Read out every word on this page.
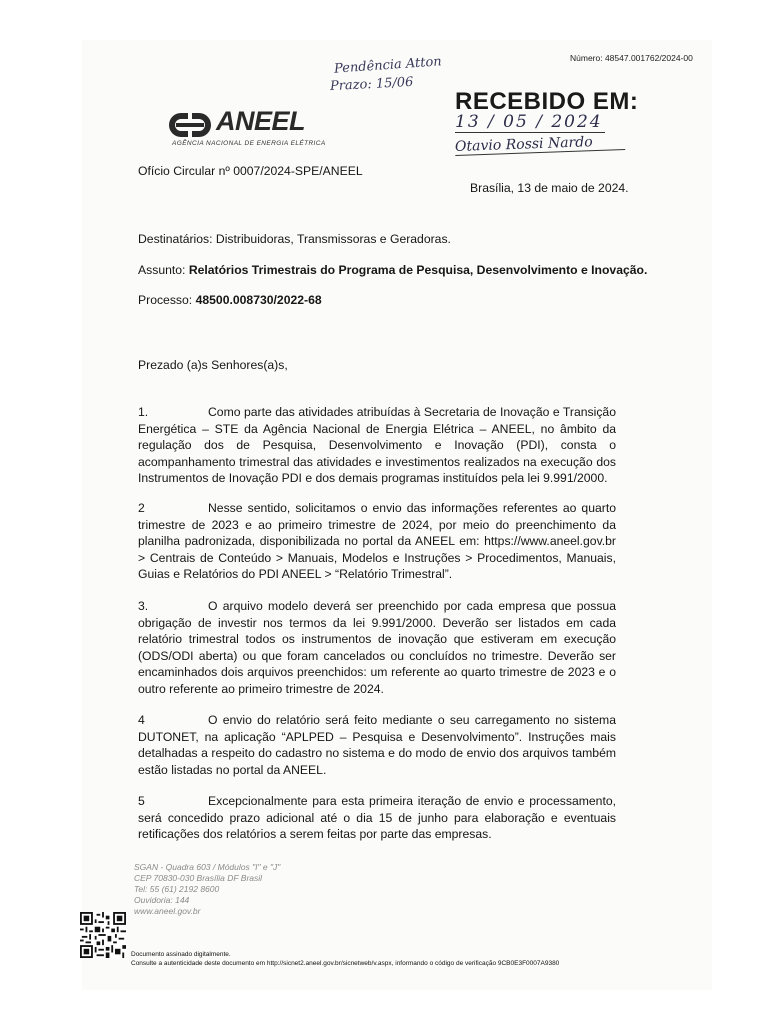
Número: 48547.001762/2024-00
Pendência Atton
Prazo: 15/06
RECEBIDO EM:
13 / 05 / 2024
Otavio Rossi Nardo
ANEEL
AGÊNCIA NACIONAL DE ENERGIA ELÉTRICA
Ofício Circular nº 0007/2024-SPE/ANEEL
Brasília, 13 de maio de 2024.
Destinatários: Distribuidoras, Transmissoras e Geradoras.
Assunto: Relatórios Trimestrais do Programa de Pesquisa, Desenvolvimento e Inovação.
Processo: 48500.008730/2022-68
Prezado (a)s Senhores(a)s,
1.	Como parte das atividades atribuídas à Secretaria de Inovação e Transição Energética – STE da Agência Nacional de Energia Elétrica – ANEEL, no âmbito da regulação dos de Pesquisa, Desenvolvimento e Inovação (PDI), consta o acompanhamento trimestral das atividades e investimentos realizados na execução dos Instrumentos de Inovação PDI e dos demais programas instituídos pela lei 9.991/2000.
2	Nesse sentido, solicitamos o envio das informações referentes ao quarto trimestre de 2023 e ao primeiro trimestre de 2024, por meio do preenchimento da planilha padronizada, disponibilizada no portal da ANEEL em: https://www.aneel.gov.br > Centrais de Conteúdo > Manuais, Modelos e Instruções > Procedimentos, Manuais, Guias e Relatórios do PDI ANEEL > “Relatório Trimestral”.
3.	O arquivo modelo deverá ser preenchido por cada empresa que possua obrigação de investir nos termos da lei 9.991/2000. Deverão ser listados em cada relatório trimestral todos os instrumentos de inovação que estiveram em execução (ODS/ODI aberta) ou que foram cancelados ou concluídos no trimestre. Deverão ser encaminhados dois arquivos preenchidos: um referente ao quarto trimestre de 2023 e o outro referente ao primeiro trimestre de 2024.
4	O envio do relatório será feito mediante o seu carregamento no sistema DUTONET, na aplicação “APLPED – Pesquisa e Desenvolvimento”. Instruções mais detalhadas a respeito do cadastro no sistema e do modo de envio dos arquivos também estão listadas no portal da ANEEL.
5	Excepcionalmente para esta primeira iteração de envio e processamento, será concedido prazo adicional até o dia 15 de junho para elaboração e eventuais retificações dos relatórios a serem feitas por parte das empresas.
SGAN - Quadra 603 / Módulos "I" e "J"
CEP 70830-030 Brasília DF Brasil
Tel: 55 (61) 2192 8600
Ouvidoria: 144
www.aneel.gov.br
Documento assinado digitalmente.
Consulte a autenticidade deste documento em http://sicnet2.aneel.gov.br/sicnetweb/v.aspx, informando o código de verificação 9CB0E3F0007A9380
